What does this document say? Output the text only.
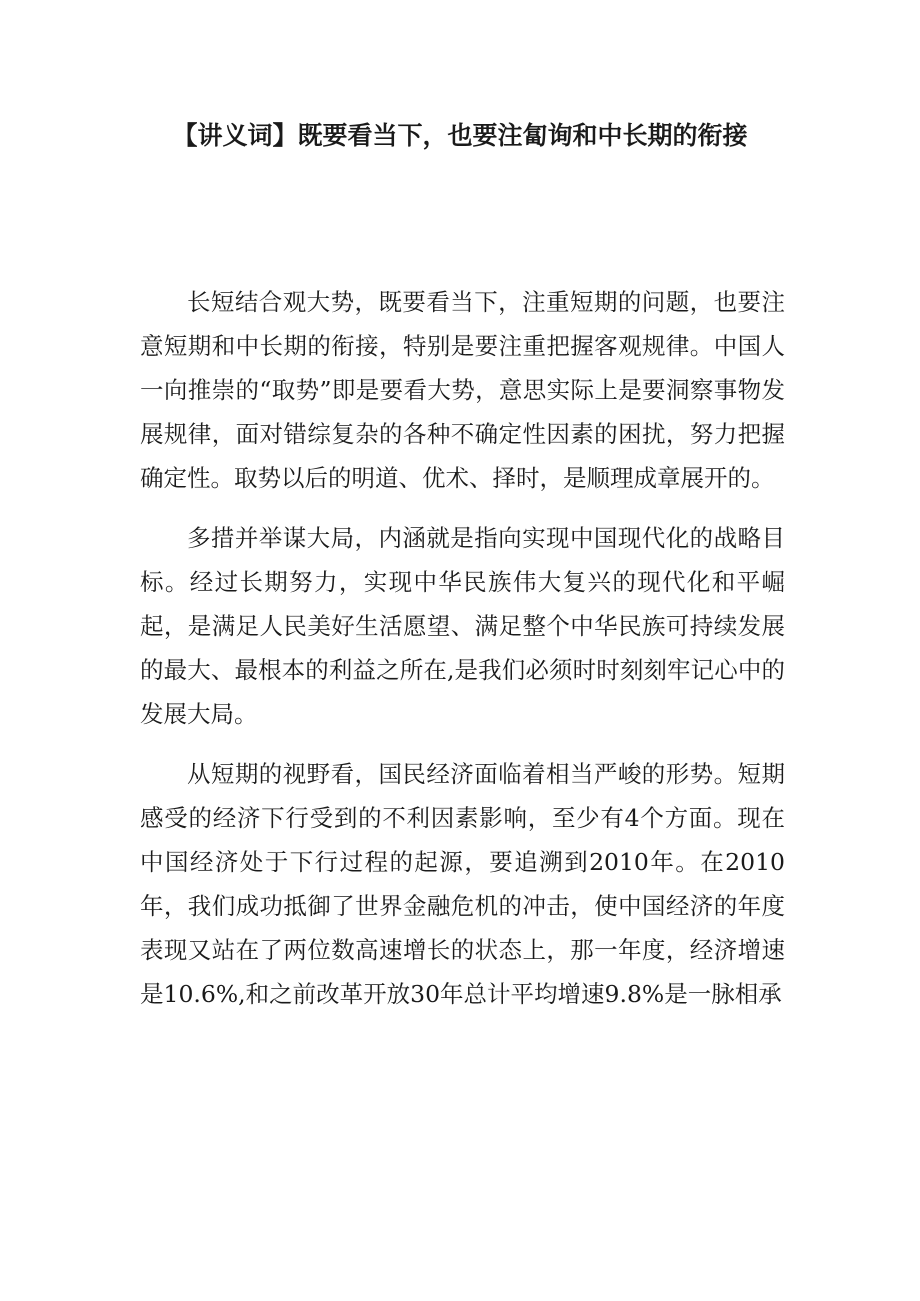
【讲义词】既要看当下，也要注匐询和中长期的衔接

长短结合观大势，既要看当下，注重短期的问题，也要注意短期和中长期的衔接，特别是要注重把握客观规律。中国人一向推崇的“取势”即是要看大势，意思实际上是要洞察事物发展规律，面对错综复杂的各种不确定性因素的困扰，努力把握确定性。取势以后的明道、优术、择时，是顺理成章展开的。

多措并举谋大局，内涵就是指向实现中国现代化的战略目标。经过长期努力，实现中华民族伟大复兴的现代化和平崛起，是满足人民美好生活愿望、满足整个中华民族可持续发展的最大、最根本的利益之所在,是我们必须时时刻刻牢记心中的发展大局。

从短期的视野看，国民经济面临着相当严峻的形势。短期感受的经济下行受到的不利因素影响，至少有4个方面。现在中国经济处于下行过程的起源，要追溯到2010年。在2010年，我们成功抵御了世界金融危机的冲击，使中国经济的年度表现又站在了两位数高速增长的状态上，那一年度，经济增速是10.6%,和之前改革开放30年总计平均增速9.8%是一脉相承
